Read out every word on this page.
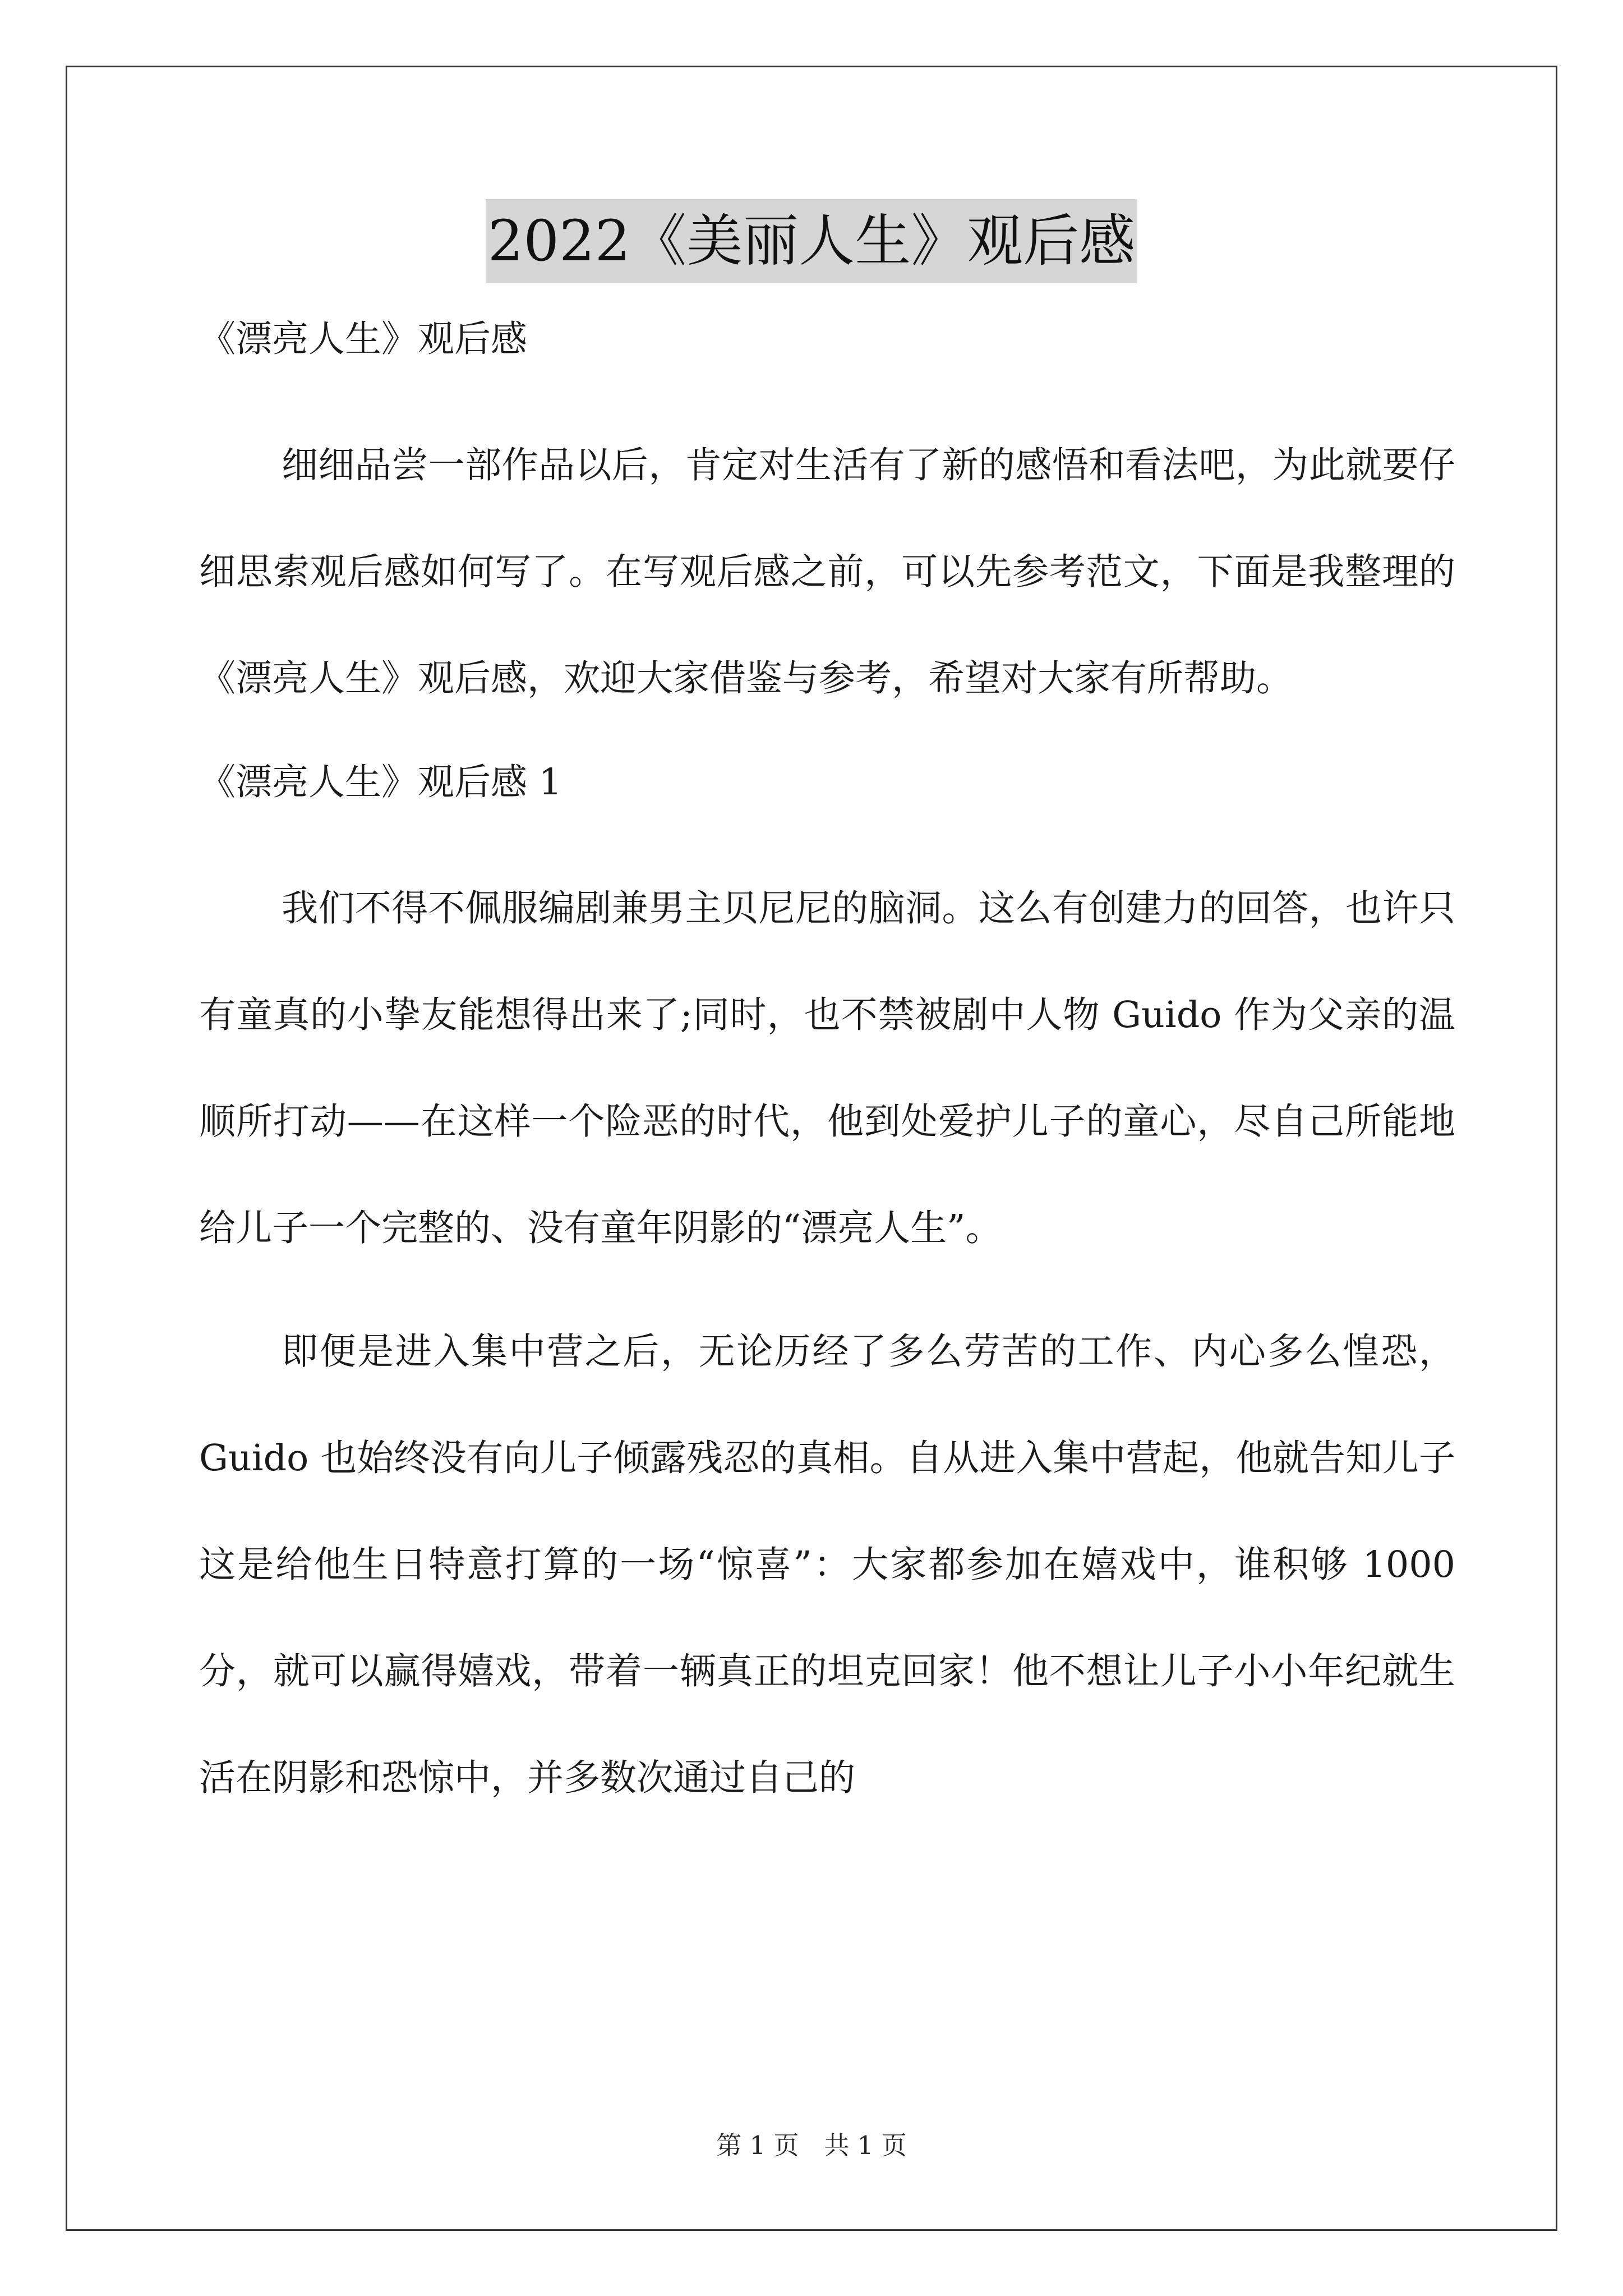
2022《美丽人生》观后感
《漂亮人生》观后感

细细品尝一部作品以后，肯定对生活有了新的感悟和看法吧，为此就要仔细思索观后感如何写了。在写观后感之前，可以先参考范文，下面是我整理的《漂亮人生》观后感，欢迎大家借鉴与参考，希望对大家有所帮助。

《漂亮人生》观后感 1

我们不得不佩服编剧兼男主贝尼尼的脑洞。这么有创建力的回答，也许只有童真的小挚友能想得出来了;同时，也不禁被剧中人物 Guido 作为父亲的温顺所打动——在这样一个险恶的时代，他到处爱护儿子的童心，尽自己所能地给儿子一个完整的、没有童年阴影的“漂亮人生”。

即便是进入集中营之后，无论历经了多么劳苦的工作、内心多么惶恐，Guido 也始终没有向儿子倾露残忍的真相。自从进入集中营起，他就告知儿子这是给他生日特意打算的一场“惊喜”：大家都参加在嬉戏中，谁积够 1000 分，就可以赢得嬉戏，带着一辆真正的坦克回家！他不想让儿子小小年纪就生活在阴影和恐惊中，并多数次通过自己的

第 1 页　共 1 页
